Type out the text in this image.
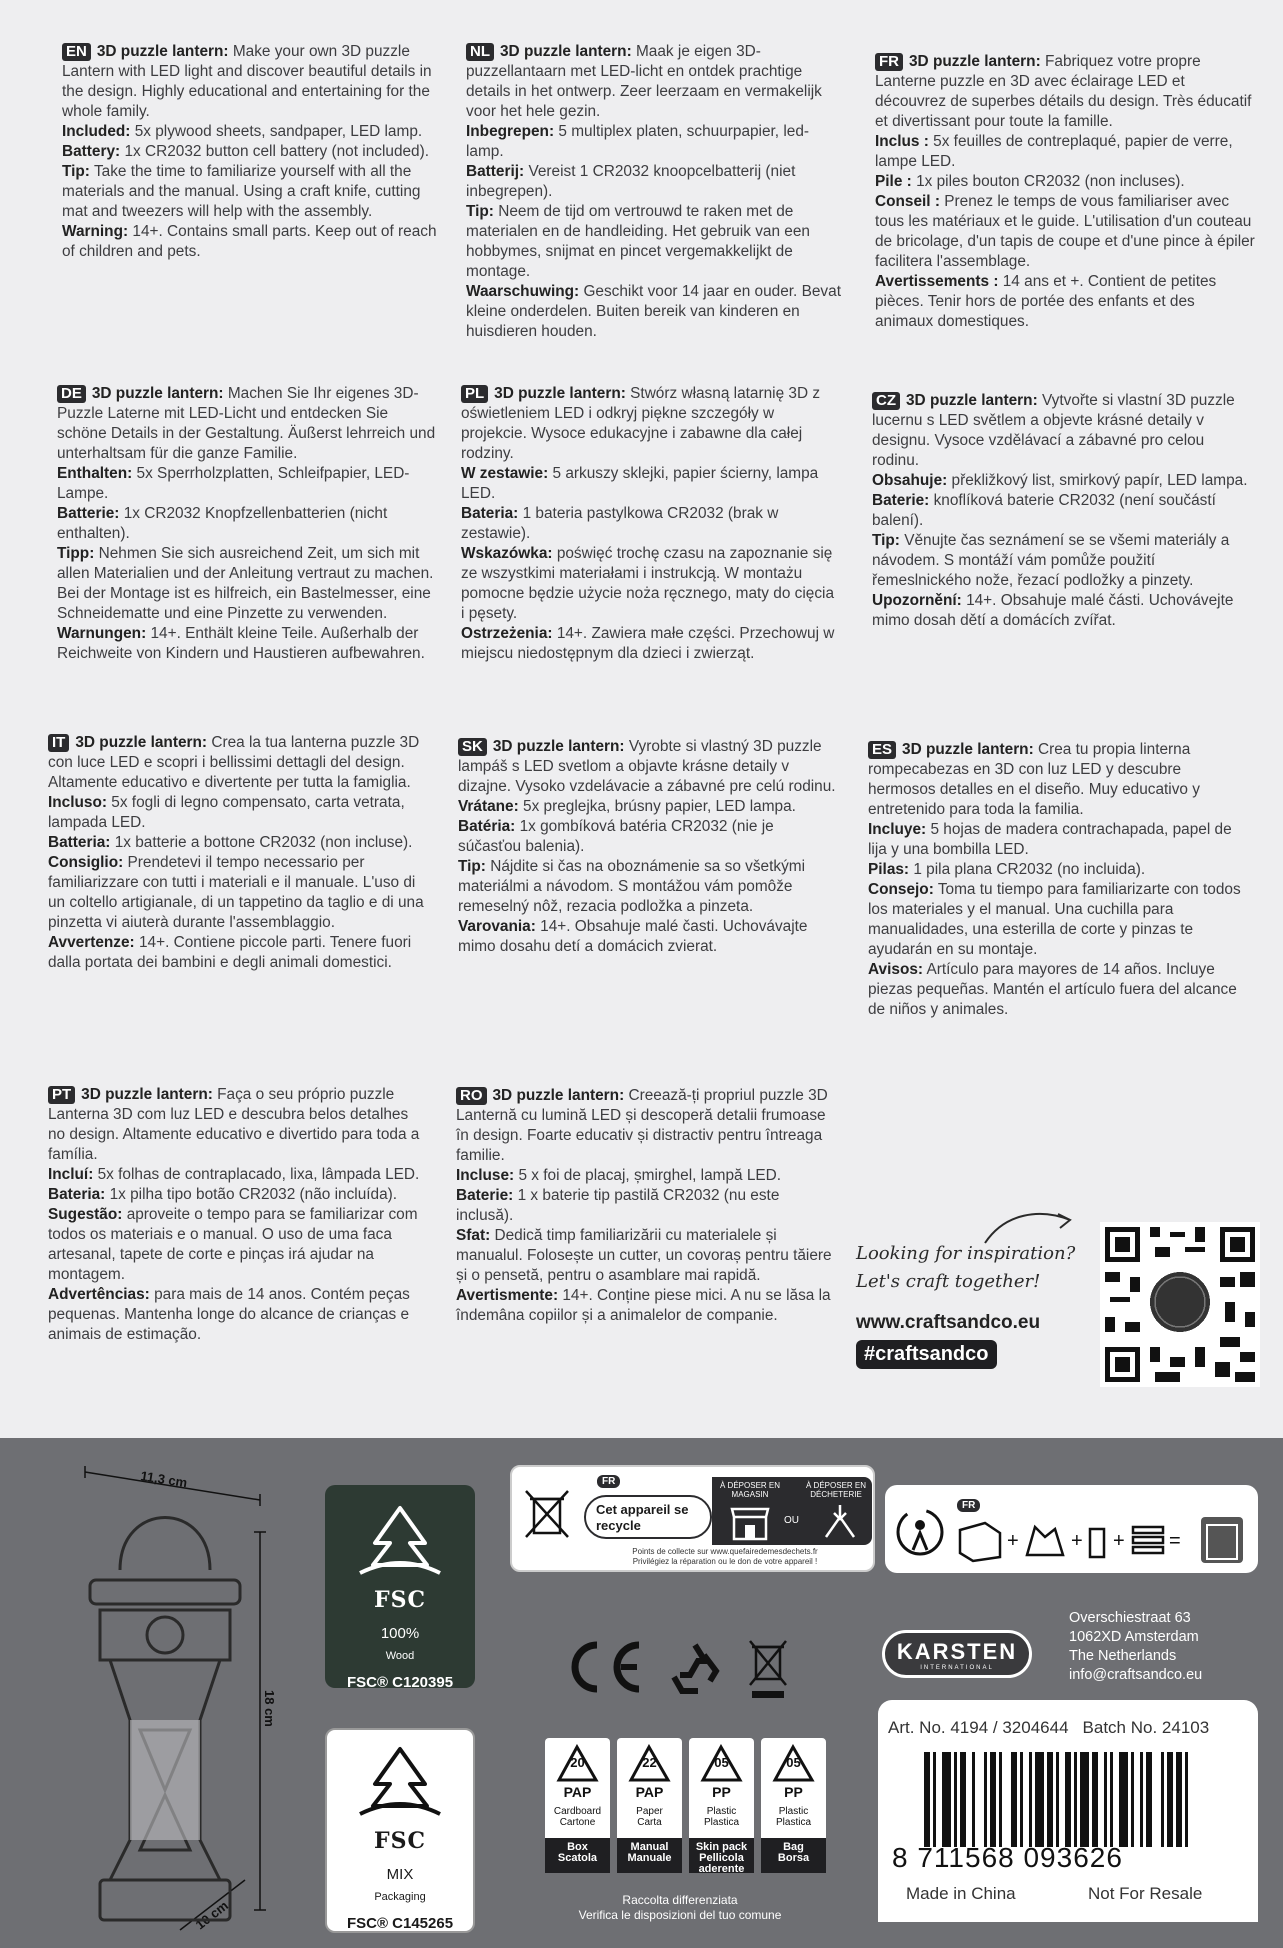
EN 3D puzzle lantern: Make your own 3D puzzle Lantern with LED light and discover beautiful details in the design. Highly educational and entertaining for the whole family.

Included: 5x plywood sheets, sandpaper, LED lamp.

Battery: 1x CR2032 button cell battery (not included).

Tip: Take the time to familiarize yourself with all the materials and the manual. Using a craft knife, cutting mat and tweezers will help with the assembly.

Warning: 14+. Contains small parts. Keep out of reach of children and pets.

NL 3D puzzle lantern: Maak je eigen 3D-puzzellantaarn met LED-licht en ontdek prachtige details in het ontwerp. Zeer leerzaam en vermakelijk voor het hele gezin.

Inbegrepen: 5 multiplex platen, schuurpapier, led-lamp.

Batterij: Vereist 1 CR2032 knoopcelbatterij (niet inbegrepen).

Tip: Neem de tijd om vertrouwd te raken met de materialen en de handleiding. Het gebruik van een hobbymes, snijmat en pincet vergemakkelijkt de montage.

Waarschuwing: Geschikt voor 14 jaar en ouder. Bevat kleine onderdelen. Buiten bereik van kinderen en huisdieren houden.

FR 3D puzzle lantern: Fabriquez votre propre Lanterne puzzle en 3D avec éclairage LED et découvrez de superbes détails du design. Très éducatif et divertissant pour toute la famille.

Inclus : 5x feuilles de contreplaqué, papier de verre, lampe LED.

Pile : 1x piles bouton CR2032 (non incluses).

Conseil : Prenez le temps de vous familiariser avec tous les matériaux et le guide. L'utilisation d'un couteau de bricolage, d'un tapis de coupe et d'une pince à épiler facilitera l'assemblage.

Avertissements : 14 ans et +. Contient de petites pièces. Tenir hors de portée des enfants et des animaux domestiques.

DE 3D puzzle lantern: Machen Sie Ihr eigenes 3D-Puzzle Laterne mit LED-Licht und entdecken Sie schöne Details in der Gestaltung. Äußerst lehrreich und unterhaltsam für die ganze Familie.

Enthalten: 5x Sperrholzplatten, Schleifpapier, LED-Lampe.

Batterie: 1x CR2032 Knopfzellenbatterien (nicht enthalten).

Tipp: Nehmen Sie sich ausreichend Zeit, um sich mit allen Materialien und der Anleitung vertraut zu machen. Bei der Montage ist es hilfreich, ein Bastelmesser, eine Schneidematte und eine Pinzette zu verwenden.

Warnungen: 14+. Enthält kleine Teile. Außerhalb der Reichweite von Kindern und Haustieren aufbewahren.

PL 3D puzzle lantern: Stwórz własną latarnię 3D z oświetleniem LED i odkryj piękne szczegóły w projekcie. Wysoce edukacyjne i zabawne dla całej rodziny.

W zestawie: 5 arkuszy sklejki, papier ścierny, lampa LED.

Bateria: 1 bateria pastylkowa CR2032 (brak w zestawie).

Wskazówka: poświęć trochę czasu na zapoznanie się ze wszystkimi materiałami i instrukcją. W montażu pomocne będzie użycie noża ręcznego, maty do cięcia i pęsety.

Ostrzeżenia: 14+. Zawiera małe części. Przechowuj w miejscu niedostępnym dla dzieci i zwierząt.

CZ 3D puzzle lantern: Vytvořte si vlastní 3D puzzle lucernu s LED světlem a objevte krásné detaily v designu. Vysoce vzdělávací a zábavné pro celou rodinu.

Obsahuje: překližkový list, smirkový papír, LED lampa.

Baterie: knoflíková baterie CR2032 (není součástí balení).

Tip: Věnujte čas seznámení se se všemi materiály a návodem. S montáží vám pomůže použití řemeslnického nože, řezací podložky a pinzety.

Upozornění: 14+. Obsahuje malé části. Uchovávejte mimo dosah dětí a domácích zvířat.

IT 3D puzzle lantern: Crea la tua lanterna puzzle 3D con luce LED e scopri i bellissimi dettagli del design. Altamente educativo e divertente per tutta la famiglia.

Incluso: 5x fogli di legno compensato, carta vetrata, lampada LED.

Batteria: 1x batterie a bottone CR2032 (non incluse).

Consiglio: Prendetevi il tempo necessario per familiarizzare con tutti i materiali e il manuale. L'uso di un coltello artigianale, di un tappetino da taglio e di una pinzetta vi aiuterà durante l'assemblaggio.

Avvertenze: 14+. Contiene piccole parti. Tenere fuori dalla portata dei bambini e degli animali domestici.

SK 3D puzzle lantern: Vyrobte si vlastný 3D puzzle lampáš s LED svetlom a objavte krásne detaily v dizajne. Vysoko vzdelávacie a zábavné pre celú rodinu.

Vrátane: 5x preglejka, brúsny papier, LED lampa.

Batéria: 1x gombíková batéria CR2032 (nie je súčasťou balenia).

Tip: Nájdite si čas na oboznámenie sa so všetkými materiálmi a návodom. S montážou vám pomôže remeselný nôž, rezacia podložka a pinzeta.

Varovania: 14+. Obsahuje malé časti. Uchovávajte mimo dosahu detí a domácich zvierat.

ES 3D puzzle lantern: Crea tu propia linterna rompecabezas en 3D con luz LED y descubre hermosos detalles en el diseño. Muy educativo y entretenido para toda la familia.

Incluye: 5 hojas de madera contrachapada, papel de lija y una bombilla LED.

Pilas: 1 pila plana CR2032 (no incluida).

Consejo: Toma tu tiempo para familiarizarte con todos los materiales y el manual. Una cuchilla para manualidades, una esterilla de corte y pinzas te ayudarán en su montaje.

Avisos: Artículo para mayores de 14 años. Incluye piezas pequeñas. Mantén el artículo fuera del alcance de niños y animales.

PT 3D puzzle lantern: Faça o seu próprio puzzle Lanterna 3D com luz LED e descubra belos detalhes no design. Altamente educativo e divertido para toda a família.

Incluí: 5x folhas de contraplacado, lixa, lâmpada LED.

Bateria: 1x pilha tipo botão CR2032 (não incluída).

Sugestão: aproveite o tempo para se familiarizar com todos os materiais e o manual. O uso de uma faca artesanal, tapete de corte e pinças irá ajudar na montagem.

Advertências: para mais de 14 anos. Contém peças pequenas. Mantenha longe do alcance de crianças e animais de estimação.

RO 3D puzzle lantern: Creează-ți propriul puzzle 3D Lanternă cu lumină LED și descoperă detalii frumoase în design. Foarte educativ și distractiv pentru întreaga familie.

Incluse: 5 x foi de placaj, șmirghel, lampă LED.

Baterie: 1 x baterie tip pastilă CR2032 (nu este inclusă).

Sfat: Dedică timp familiarizării cu materialele și manualul. Folosește un cutter, un covoraș pentru tăiere și o pensetă, pentru o asamblare mai rapidă.

Avertismente: 14+. Conține piese mici. A nu se lăsa la îndemâna copiilor și a animalelor de companie.

Looking for inspiration?
Let's craft together!
www.craftsandco.eu
#craftsandco
11,3 cm
18 cm
10 cm
FSC
100%
Wood
FSC® C120395
FSC
MIX
Packaging
FSC® C145265
FR
Cet appareil se recycle
À DÉPOSER EN MAGASIN
À DÉPOSER EN DÉCHETERIE
OU
Points de collecte sur www.quefairedemesdechets.fr
Privilégiez la réparation ou le don de votre appareil !
FR
+	+ + =
KARSTEN
INTERNATIONAL
Overschiestraat 63
1062XD Amsterdam
The Netherlands
info@craftsandco.eu
Art. No. 4194 / 3204644 Batch No. 24103
8 711568 093626
Made in China	Not For Resale
20
PAP
Cardboard
Cartone
Box
Scatola
22
PAP
Paper
Carta
Manual
Manuale
05
PP
Plastic
Plastica
Skin pack
Pellicola aderente
05
PP
Plastic
Plastica
Bag
Borsa
Raccolta differenziata
Verifica le disposizioni del tuo comune
